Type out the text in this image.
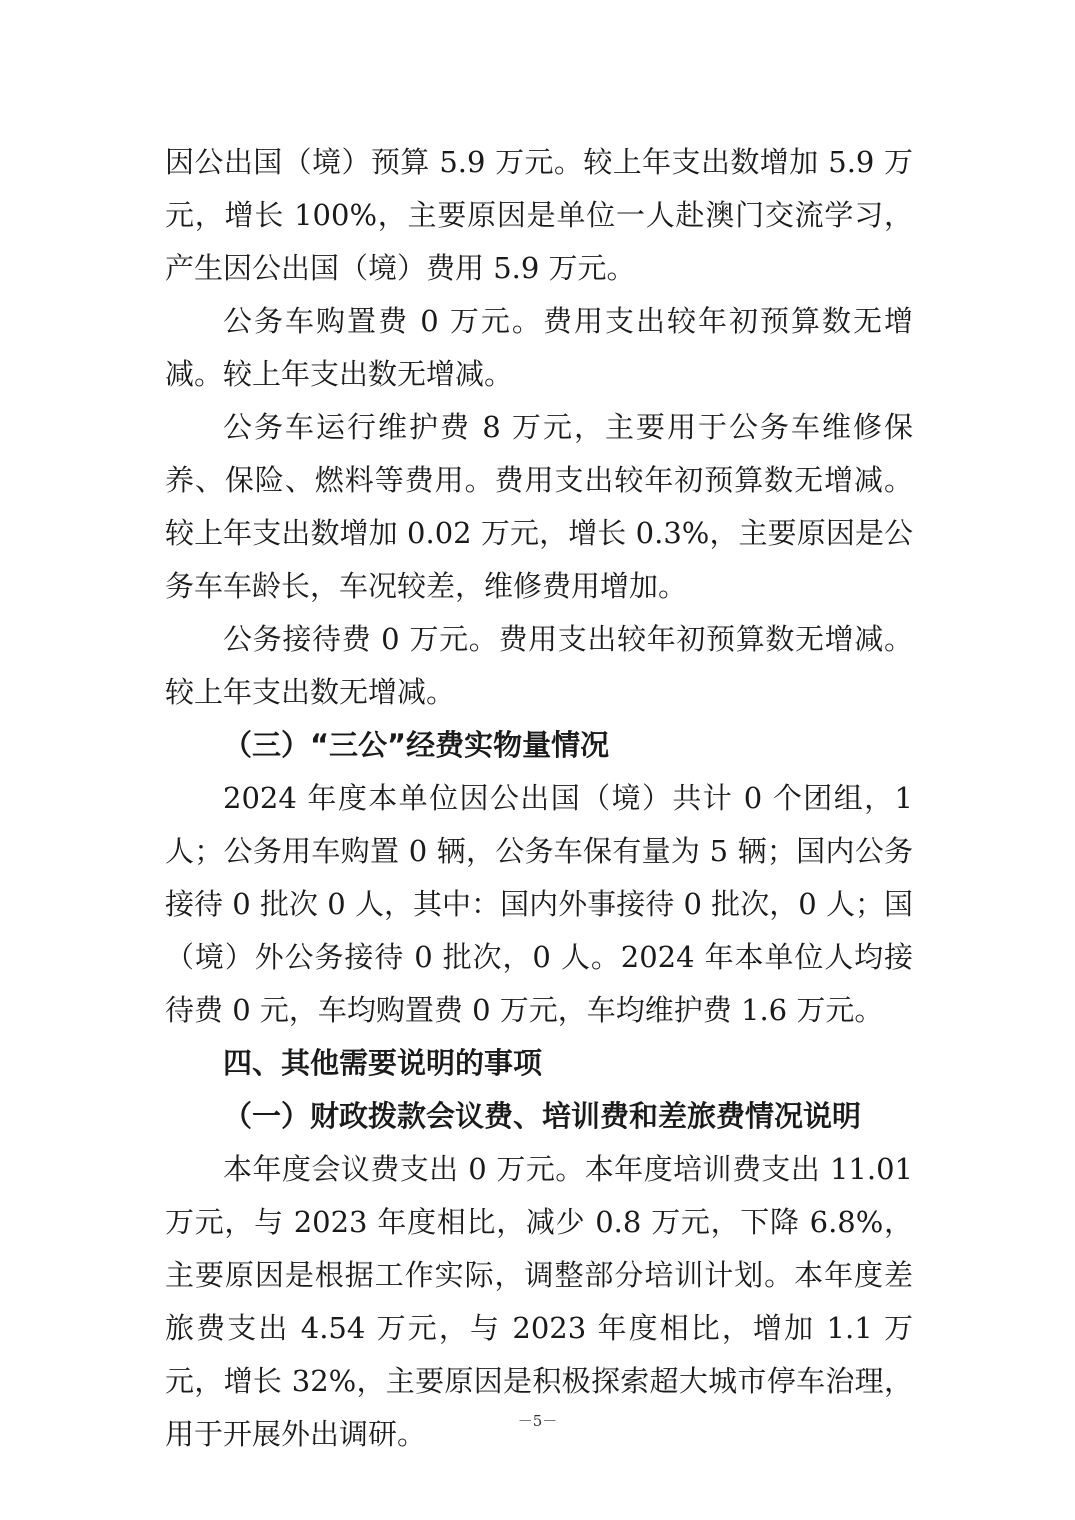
因公出国（境）预算 5.9 万元。较上年支出数增加 5.9 万元，增长 100%，主要原因是单位一人赴澳门交流学习，产生因公出国（境）费用 5.9 万元。

公务车购置费 0 万元。费用支出较年初预算数无增减。较上年支出数无增减。

公务车运行维护费 8 万元，主要用于公务车维修保养、保险、燃料等费用。费用支出较年初预算数无增减。较上年支出数增加 0.02 万元，增长 0.3%，主要原因是公务车车龄长，车况较差，维修费用增加。

公务接待费 0 万元。费用支出较年初预算数无增减。较上年支出数无增减。

（三）“三公”经费实物量情况

2024 年度本单位因公出国（境）共计 0 个团组，1 人；公务用车购置 0 辆，公务车保有量为 5 辆；国内公务接待 0 批次 0 人，其中：国内外事接待 0 批次，0 人；国（境）外公务接待 0 批次，0 人。2024 年本单位人均接待费 0 元，车均购置费 0 万元，车均维护费 1.6 万元。

四、其他需要说明的事项

（一）财政拨款会议费、培训费和差旅费情况说明

本年度会议费支出 0 万元。本年度培训费支出 11.01 万元，与 2023 年度相比，减少 0.8 万元，下降 6.8%，主要原因是根据工作实际，调整部分培训计划。本年度差旅费支出 4.54 万元，与 2023 年度相比，增加 1.1 万元，增长 32%，主要原因是积极探索超大城市停车治理，用于开展外出调研。	－5－
